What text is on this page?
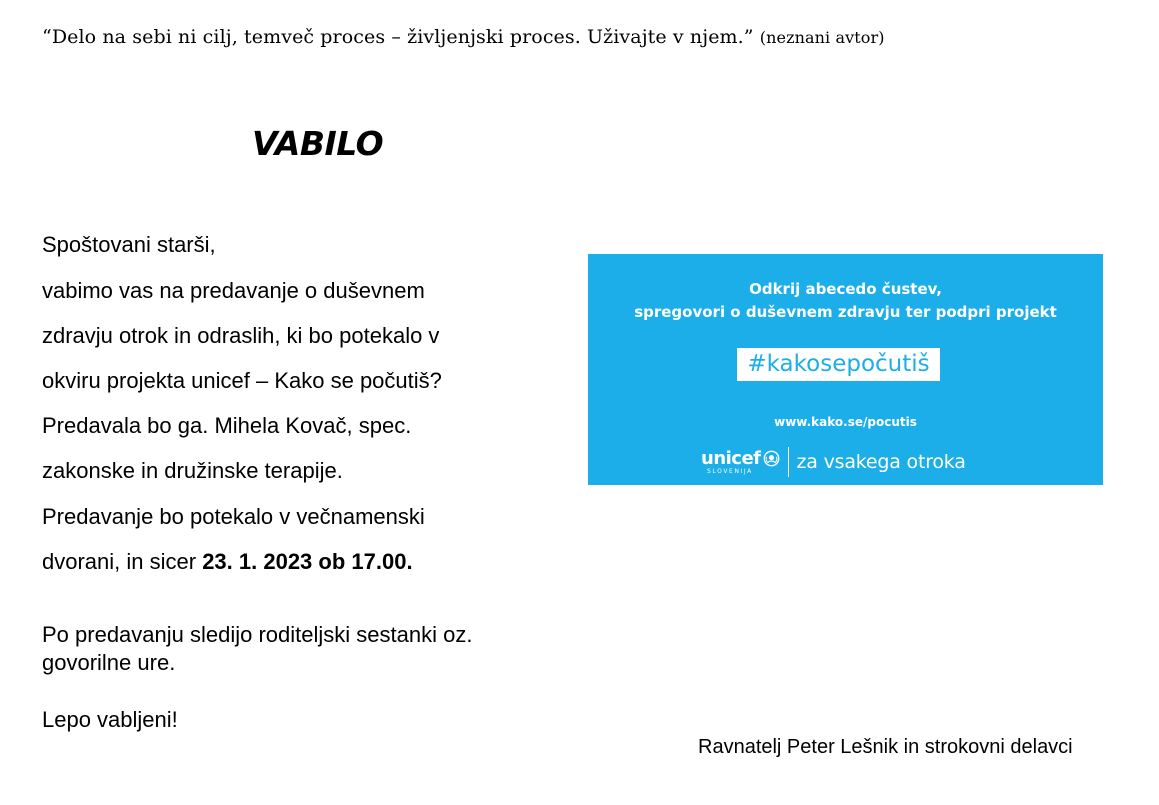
“Delo na sebi ni cilj, temveč proces – življenjski proces. Uživajte v njem.” (neznani avtor)
VABILO
Spoštovani starši,
vabimo vas na predavanje o duševnem
zdravju otrok in odraslih, ki bo potekalo v
okviru projekta unicef – Kako se počutiš?
Predavala bo ga. Mihela Kovač, spec.
zakonske in družinske terapije.
Predavanje bo potekalo v večnamenski
dvorani, in sicer 23. 1. 2023 ob 17.00.
Po predavanju sledijo roditeljski sestanki oz.
govorilne ure.
Lepo vabljeni!
Ravnatelj Peter Lešnik in strokovni delavci
Odkrij abecedo čustev,
spregovori o duševnem zdravju ter podpri projekt
#kakosepočutiš
www.kako.se/pocutis
unicef
SLOVENIJA za vsakega otroka
